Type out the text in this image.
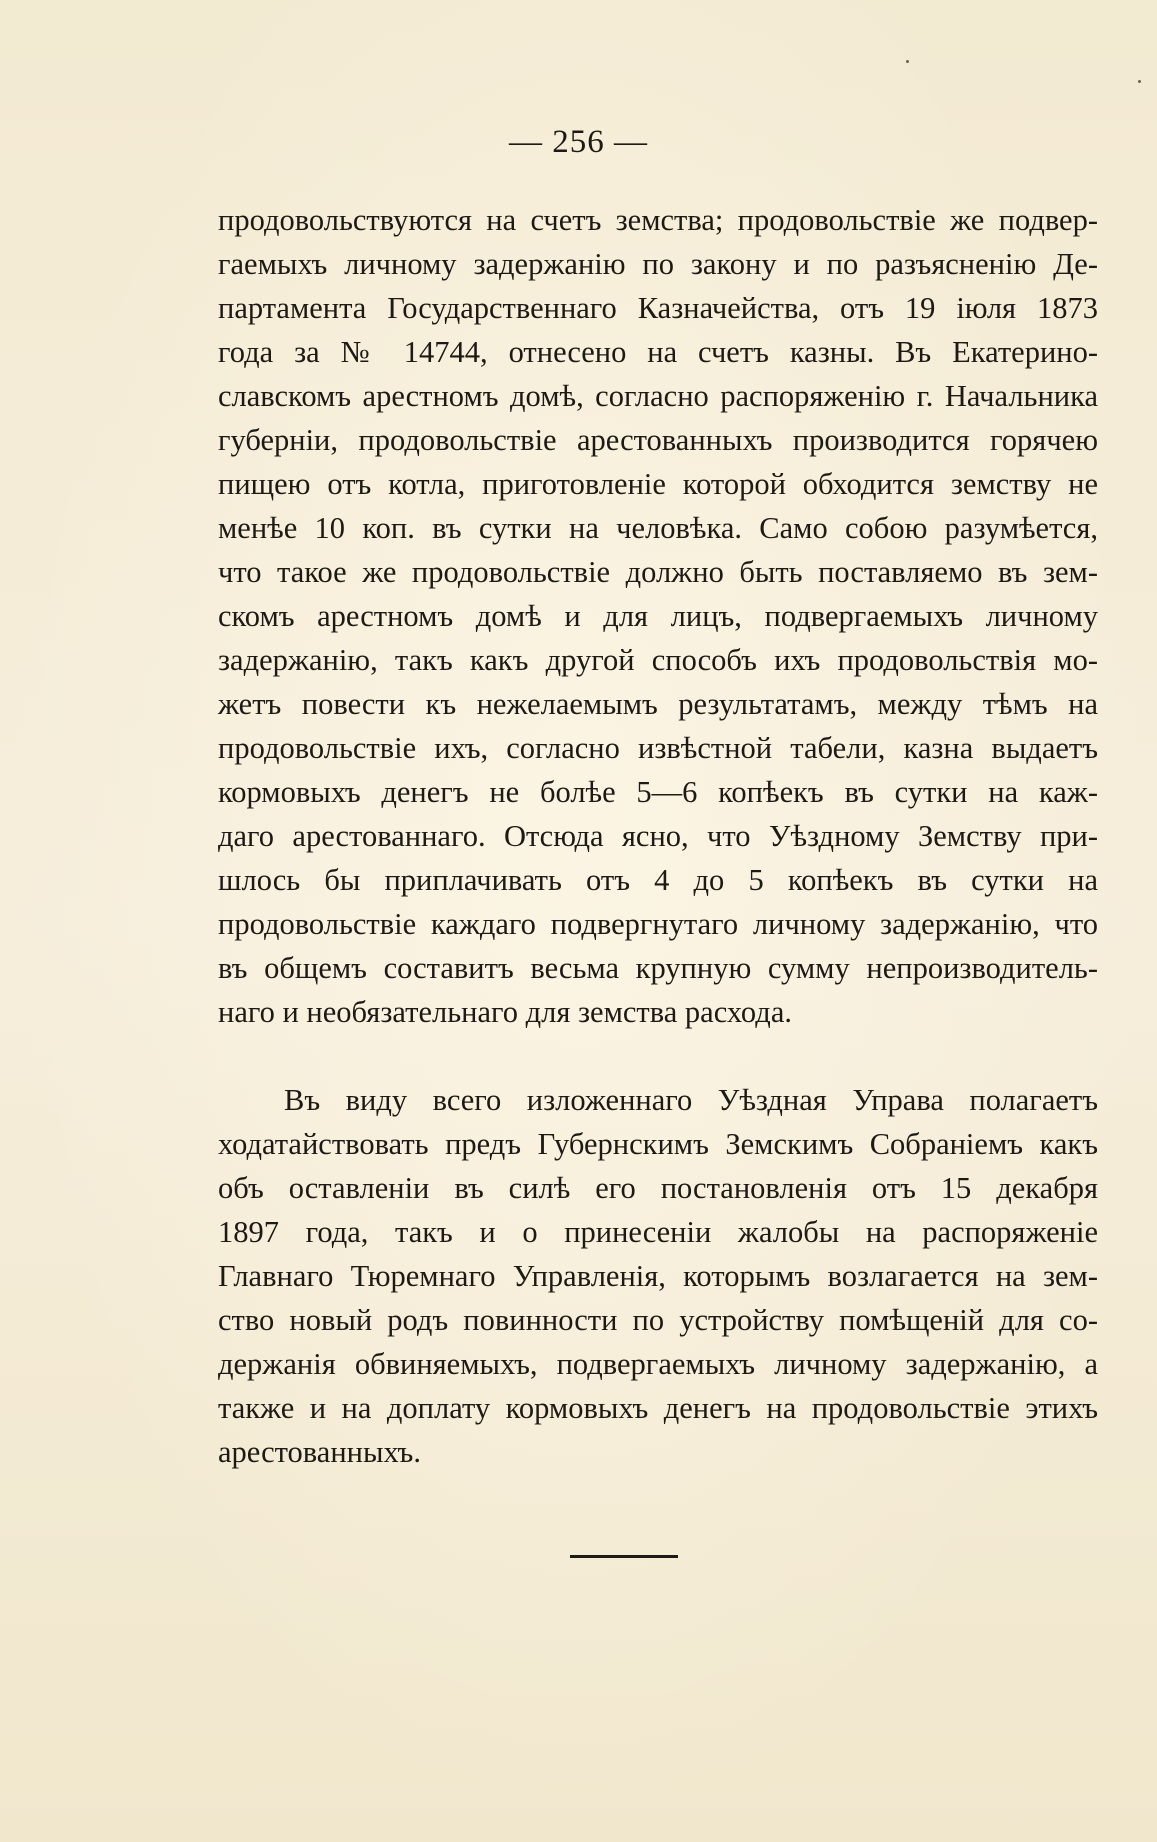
— 256 —
продовольствуются на счетъ земства; продовольствіе же подвер-
гаемыхъ личному задержанію по закону и по разъясненію Де-
партамента Государственнаго Казначейства, отъ 19 іюля 1873
года за № 14744, отнесено на счетъ казны. Въ Екатерино-
славскомъ арестномъ домѣ, согласно распоряженію г. Начальника
губерніи, продовольствіе арестованныхъ производится горячею
пищею отъ котла, приготовленіе которой обходится земству не
менѣе 10 коп. въ сутки на человѣка. Само собою разумѣется,
что такое же продовольствіе должно быть поставляемо въ зем-
скомъ арестномъ домѣ и для лицъ, подвергаемыхъ личному
задержанію, такъ какъ другой способъ ихъ продовольствія мо-
жетъ повести къ нежелаемымъ результатамъ, между тѣмъ на
продовольствіе ихъ, согласно извѣстной табели, казна выдаетъ
кормовыхъ денегъ не болѣе 5—6 копѣекъ въ сутки на каж-
даго арестованнаго. Отсюда ясно, что Уѣздному Земству при-
шлось бы приплачивать отъ 4 до 5 копѣекъ въ сутки на
продовольствіе каждаго подвергнутаго личному задержанію, что
въ общемъ составитъ весьма крупную сумму непроизводитель-
наго и необязательнаго для земства расхода.
Въ виду всего изложеннаго Уѣздная Управа полагаетъ
ходатайствовать предъ Губернскимъ Земскимъ Собраніемъ какъ
объ оставленіи въ силѣ его постановленія отъ 15 декабря
1897 года, такъ и о принесеніи жалобы на распоряженіе
Главнаго Тюремнаго Управленія, которымъ возлагается на зем-
ство новый родъ повинности по устройству помѣщеній для со-
держанія обвиняемыхъ, подвергаемыхъ личному задержанію, а
также и на доплату кормовыхъ денегъ на продовольствіе этихъ
арестованныхъ.
